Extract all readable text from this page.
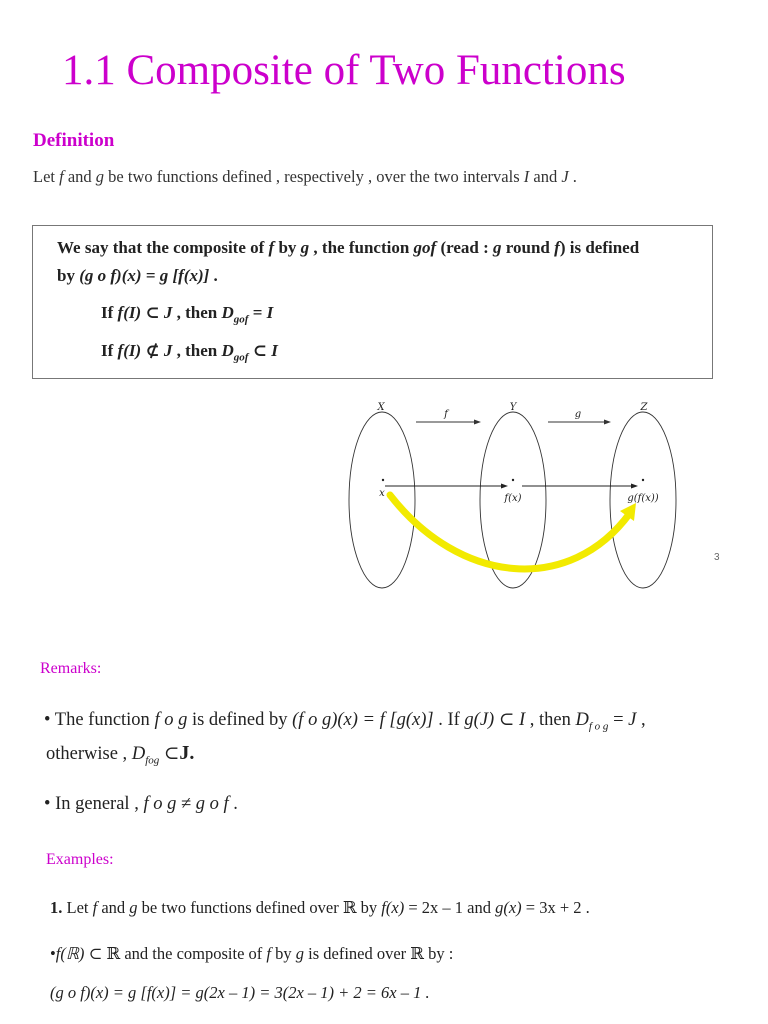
1.1 Composite of Two Functions
Definition
Let f and g be two functions defined , respectively , over the two intervals I and J .
We say that the composite of f by g , the function gof (read : g round f) is defined
by (g o f)(x) = g [f(x)] .
If f(I) ⊂ J , then $D_{gof} = I$
If f(I) ⊄ J , then $D_{gof}$ ⊂ I
X	Y	Z
f	g
x	f(x)	g(f(x))
3
Remarks:
• The function f o g is defined by (f o g)(x) = f [g(x)] . If g(J) ⊂ I , then $D_{f o g} = J$ ,
otherwise , $D_{fog}$ ⊂J.
• In general , f o g ≠ g o f .
Examples:
1. Let f and g be two functions defined over ℝ by f(x) = 2x – 1 and g(x) = 3x + 2 .
•f(ℝ) ⊂ ℝ and the composite of f by g is defined over ℝ by :
(g o f)(x) = g [f(x)] = g(2x – 1) = 3(2x – 1) + 2 = 6x – 1 .
